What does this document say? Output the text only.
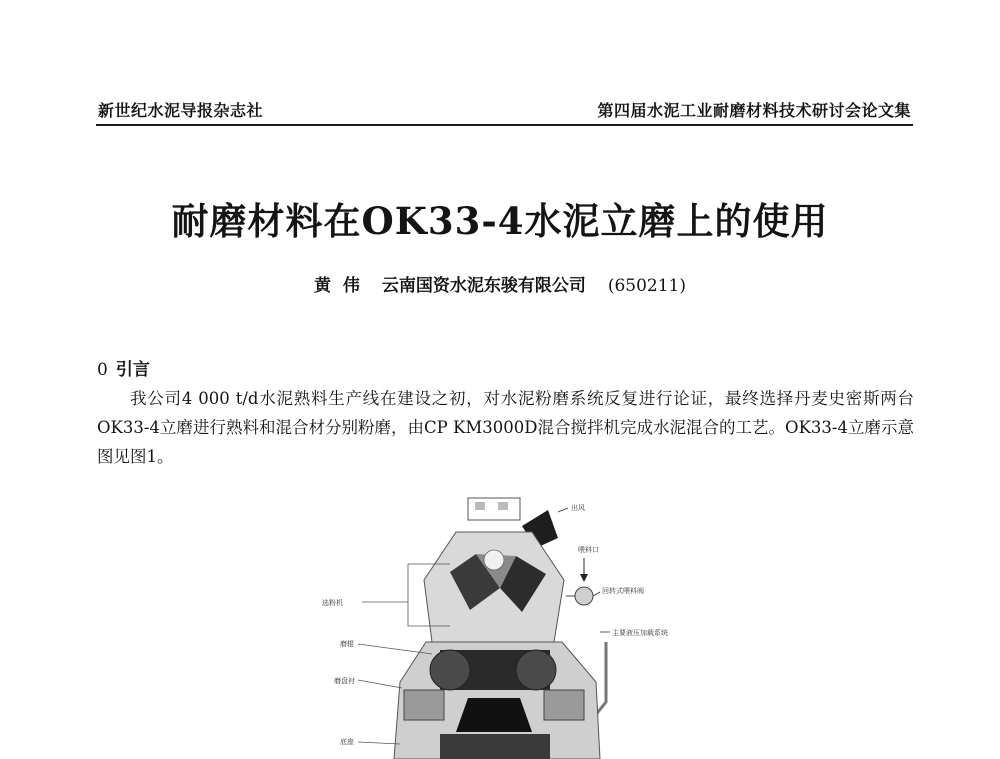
新世纪水泥导报杂志社	第四届水泥工业耐磨材料技术研讨会论文集
耐磨材料在OK33-4水泥立磨上的使用
黄  伟 云南国资水泥东骏有限公司 (650211)
0 引言

我公司4 000 t/d水泥熟料生产线在建设之初，对水泥粉磨系统反复进行论证，最终选择丹麦史密斯两台OK33-4立磨进行熟料和混合材分别粉磨，由CP KM3000D混合搅拌机完成水泥混合的工艺。OK33-4立磨示意图见图1。

出风
喂料口
回转式喂料阀
选粉机
主要液压加载系统
磨辊
磨盘衬
底座
